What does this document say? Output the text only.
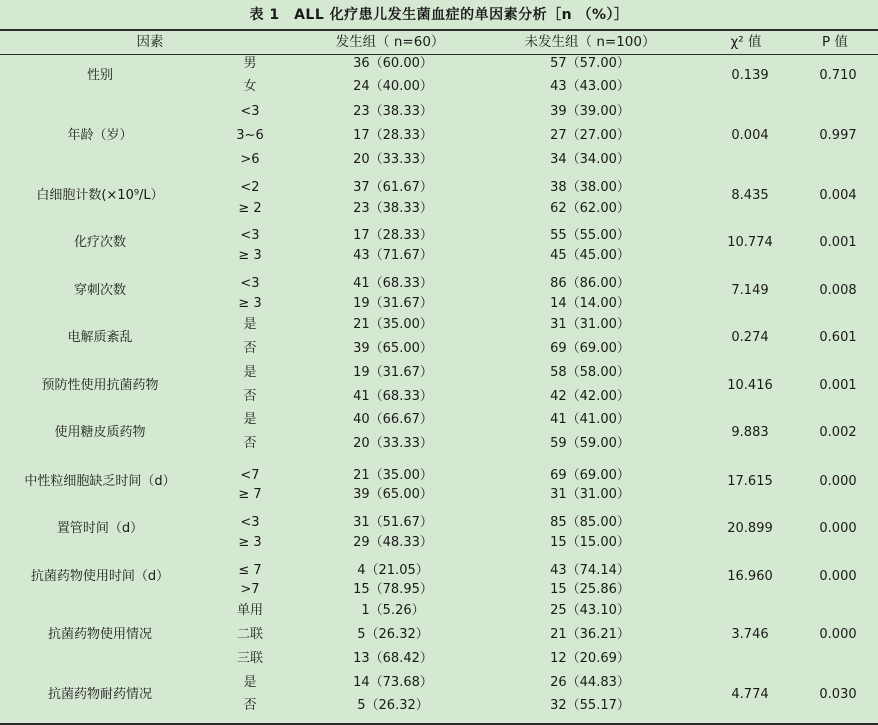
表 1　ALL 化疗患儿发生菌血症的单因素分析［n （%）］
因素	发生组（ n=60）	未发生组（ n=100）	χ² 值	P 值
性别	0.139	0.710
男	36（60.00）	57（57.00）
女	24（40.00）	43（43.00）
年龄（岁）	0.004	0.997
<3	23（38.33）	39（39.00）
3~6	17（28.33）	27（27.00）
>6	20（33.33）	34（34.00）
白细胞计数(×10⁹/L）	8.435	0.004
<2	37（61.67）	38（38.00）
≥ 2	23（38.33）	62（62.00）
化疗次数	10.774	0.001
<3	17（28.33）	55（55.00）
≥ 3	43（71.67）	45（45.00）
穿刺次数	7.149	0.008
<3	41（68.33）	86（86.00）
≥ 3	19（31.67）	14（14.00）
电解质紊乱	0.274	0.601
是	21（35.00）	31（31.00）
否	39（65.00）	69（69.00）
预防性使用抗菌药物	10.416	0.001
是	19（31.67）	58（58.00）
否	41（68.33）	42（42.00）
使用糖皮质药物	9.883	0.002
是	40（66.67）	41（41.00）
否	20（33.33）	59（59.00）
中性粒细胞缺乏时间（d）	17.615	0.000
<7	21（35.00）	69（69.00）
≥ 7	39（65.00）	31（31.00）
置管时间（d）	20.899	0.000
<3	31（51.67）	85（85.00）
≥ 3	29（48.33）	15（15.00）
抗菌药物使用时间（d）	16.960	0.000
≤ 7	4（21.05）	43（74.14）
>7	15（78.95）	15（25.86）
抗菌药物使用情况	3.746	0.000
单用	1（5.26）	25（43.10）
二联	5（26.32）	21（36.21）
三联	13（68.42）	12（20.69）
抗菌药物耐药情况	4.774	0.030
是	14（73.68）	26（44.83）
否	5（26.32）	32（55.17）
